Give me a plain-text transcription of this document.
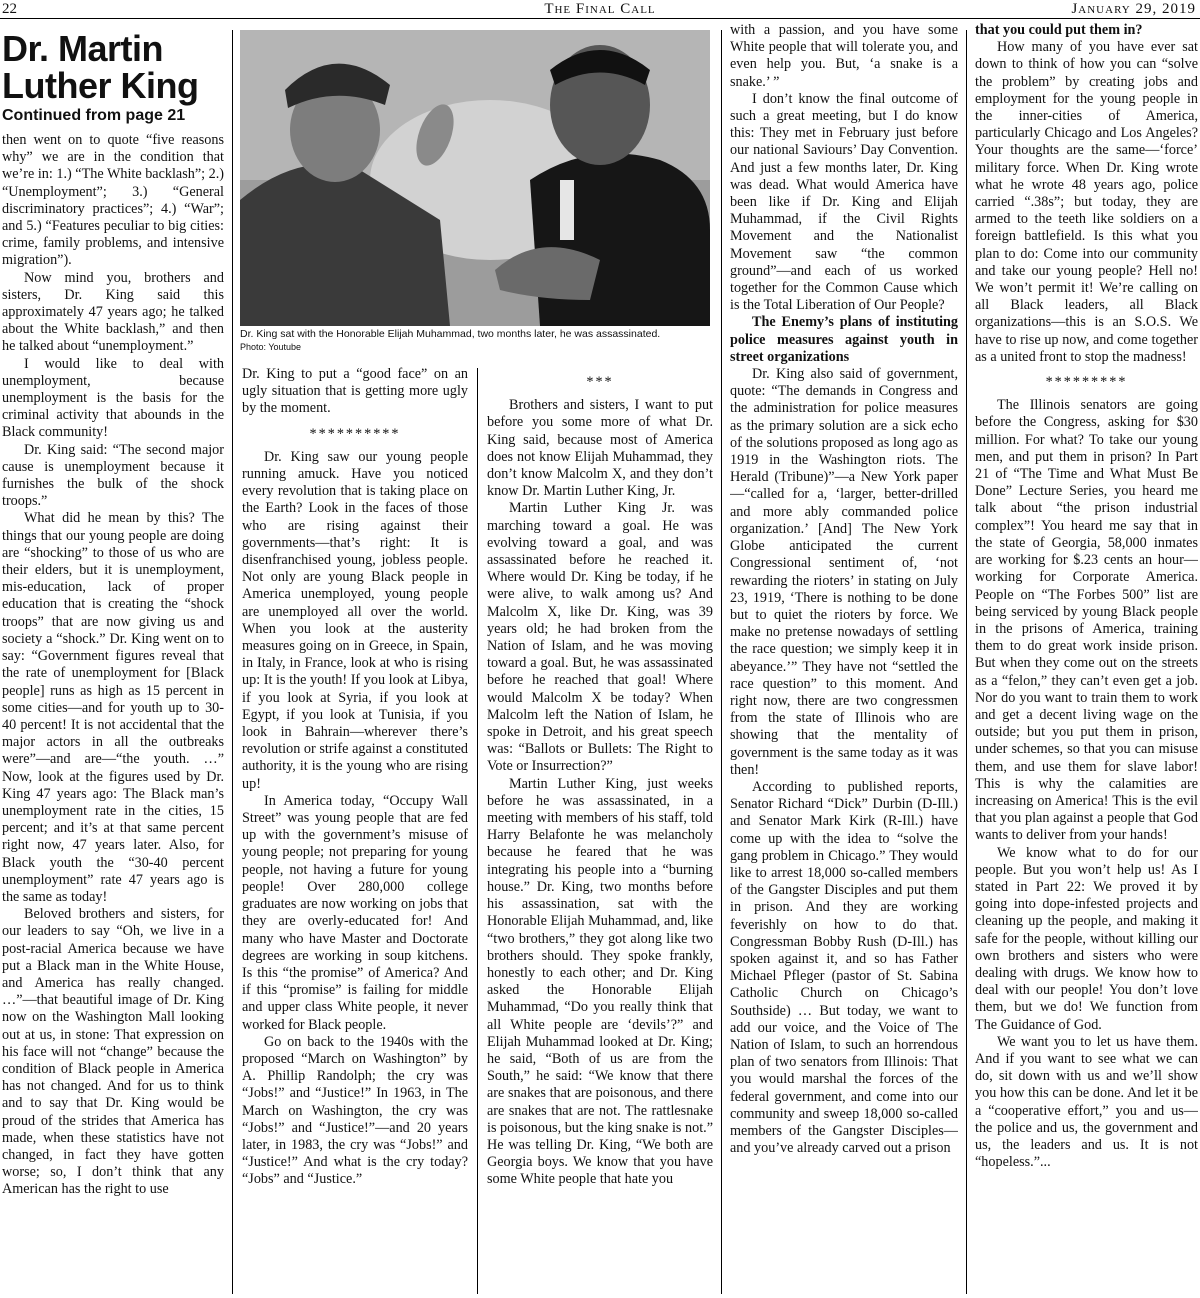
22	The Final Call	January 29, 2019
Dr. Martin
Luther King
Continued from page 21

then went on to quote “five reasons why” we are in the condition that we’re in: 1.) “The White backlash”; 2.) “Unemployment”; 3.) “General discriminatory practices”; 4.) “War”; and 5.) “Features peculiar to big cities: crime, family problems, and intensive migration”).

Now mind you, brothers and sisters, Dr. King said this approximately 47 years ago; he talked about the White backlash,” and then he talked about “unemployment.”

I would like to deal with unemployment, because unemployment is the basis for the criminal activity that abounds in the Black community!

Dr. King said: “The second major cause is unemployment because it furnishes the bulk of the shock troops.”

What did he mean by this? The things that our young people are doing are “shocking” to those of us who are their elders, but it is unemployment, mis-education, lack of proper education that is creating the “shock troops” that are now giving us and society a “shock.” Dr. King went on to say: “Government figures reveal that the rate of unemployment for [Black people] runs as high as 15 percent in some cities—and for youth up to 30-40 percent! It is not accidental that the major actors in all the outbreaks were”—and are—“the youth. …” Now, look at the figures used by Dr. King 47 years ago: The Black man’s unemployment rate in the cities, 15 percent; and it’s at that same percent right now, 47 years later. Also, for Black youth the “30-40 percent unemployment” rate 47 years ago is the same as today!

Beloved brothers and sisters, for our leaders to say “Oh, we live in a post-racial America because we have put a Black man in the White House, and America has really changed. …”—that beautiful image of Dr. King now on the Washington Mall looking out at us, in stone: That expression on his face will not “change” because the condition of Black people in America has not changed. And for us to think and to say that Dr. King would be proud of the strides that America has made, when these statistics have not changed, in fact they have gotten worse; so, I don’t think that any American has the right to use

Dr. King sat with the Honorable Elijah Muhammad, two months later, he was assassinated.
Photo: Youtube

Dr. King to put a “good face” on an ugly situation that is getting more ugly by the moment.

**********

Dr. King saw our young people running amuck. Have you noticed every revolution that is taking place on the Earth? Look in the faces of those who are rising against their governments—that’s right: It is disenfranchised young, jobless people. Not only are young Black people in America unemployed, young people are unemployed all over the world. When you look at the austerity measures going on in Greece, in Spain, in Italy, in France, look at who is rising up: It is the youth! If you look at Libya, if you look at Syria, if you look at Egypt, if you look at Tunisia, if you look in Bahrain—wherever there’s revolution or strife against a constituted authority, it is the young who are rising up!

In America today, “Occupy Wall Street” was young people that are fed up with the government’s misuse of young people; not preparing for young people, not having a future for young people! Over 280,000 college graduates are now working on jobs that they are overly-educated for! And many who have Master and Doctorate degrees are working in soup kitchens. Is this “the promise” of America? And if this “promise” is failing for middle and upper class White people, it never worked for Black people.

Go on back to the 1940s with the proposed “March on Washington” by A. Phillip Randolph; the cry was “Jobs!” and “Justice!” In 1963, in The March on Washington, the cry was “Jobs!” and “Justice!”—and 20 years later, in 1983, the cry was “Jobs!” and “Justice!” And what is the cry today? “Jobs” and “Justice.”

***

Brothers and sisters, I want to put before you some more of what Dr. King said, because most of America does not know Elijah Muhammad, they don’t know Malcolm X, and they don’t know Dr. Martin Luther King, Jr.

Martin Luther King Jr. was marching toward a goal. He was evolving toward a goal, and was assassinated before he reached it. Where would Dr. King be today, if he were alive, to walk among us? And Malcolm X, like Dr. King, was 39 years old; he had broken from the Nation of Islam, and he was moving toward a goal. But, he was assassinated before he reached that goal! Where would Malcolm X be today? When Malcolm left the Nation of Islam, he spoke in Detroit, and his great speech was: “Ballots or Bullets: The Right to Vote or Insurrection?”

Martin Luther King, just weeks before he was assassinated, in a meeting with members of his staff, told Harry Belafonte he was melancholy because he feared that he was integrating his people into a “burning house.” Dr. King, two months before his assassination, sat with the Honorable Elijah Muhammad, and, like “two brothers,” they got along like two brothers should. They spoke frankly, honestly to each other; and Dr. King asked the Honorable Elijah Muhammad, “Do you really think that all White people are ‘devils’?” and Elijah Muhammad looked at Dr. King; he said, “Both of us are from the South,” he said: “We know that there are snakes that are poisonous, and there are snakes that are not. The rattlesnake is poisonous, but the king snake is not.” He was telling Dr. King, “We both are Georgia boys. We know that you have some White people that hate you

with a passion, and you have some White people that will tolerate you, and even help you. But, ‘a snake is a snake.’ ”

I don’t know the final outcome of such a great meeting, but I do know this: They met in February just before our national Saviours’ Day Convention. And just a few months later, Dr. King was dead. What would America have been like if Dr. King and Elijah Muhammad, if the Civil Rights Movement and the Nationalist Movement saw “the common ground”—and each of us worked together for the Common Cause which is the Total Liberation of Our People?

The Enemy’s plans of instituting police measures against youth in street organizations

Dr. King also said of government, quote: “The demands in Congress and the administration for police measures as the primary solution are a sick echo of the solutions proposed as long ago as 1919 in the Washington riots. The Herald (Tribune)”—a New York paper—“called for a, ‘larger, better-drilled and more ably commanded police organization.’ [And] The New York Globe anticipated the current Congressional sentiment of, ‘not rewarding the rioters’ in stating on July 23, 1919, ‘There is nothing to be done but to quiet the rioters by force. We make no pretense nowadays of settling the race question; we simply keep it in abeyance.’” They have not “settled the race question” to this moment. And right now, there are two congressmen from the state of Illinois who are showing that the mentality of government is the same today as it was then!

According to published reports, Senator Richard “Dick” Durbin (D-Ill.) and Senator Mark Kirk (R-Ill.) have come up with the idea to “solve the gang problem in Chicago.” They would like to arrest 18,000 so-called members of the Gangster Disciples and put them in prison. And they are working feverishly on how to do that. Congressman Bobby Rush (D-Ill.) has spoken against it, and so has Father Michael Pfleger (pastor of St. Sabina Catholic Church on Chicago’s Southside) … But today, we want to add our voice, and the Voice of The Nation of Islam, to such an horrendous plan of two senators from Illinois: That you would marshal the forces of the federal government, and come into our community and sweep 18,000 so-called members of the Gangster Disciples—and you’ve already carved out a prison

that you could put them in?

How many of you have ever sat down to think of how you can “solve the problem” by creating jobs and employment for the young people in the inner-cities of America, particularly Chicago and Los Angeles? Your thoughts are the same—‘force’ military force. When Dr. King wrote what he wrote 48 years ago, police carried “.38s”; but today, they are armed to the teeth like soldiers on a foreign battlefield. Is this what you plan to do: Come into our community and take our young people? Hell no! We won’t permit it! We’re calling on all Black leaders, all Black organizations—this is an S.O.S. We have to rise up now, and come together as a united front to stop the madness!

*********

The Illinois senators are going before the Congress, asking for $30 million. For what? To take our young men, and put them in prison? In Part 21 of “The Time and What Must Be Done” Lecture Series, you heard me talk about “the prison industrial complex”! You heard me say that in the state of Georgia, 58,000 inmates are working for $.23 cents an hour—working for Corporate America. People on “The Forbes 500” list are being serviced by young Black people in the prisons of America, training them to do great work inside prison. But when they come out on the streets as a “felon,” they can’t even get a job. Nor do you want to train them to work and get a decent living wage on the outside; but you put them in prison, under schemes, so that you can misuse them, and use them for slave labor! This is why the calamities are increasing on America! This is the evil that you plan against a people that God wants to deliver from your hands!

We know what to do for our people. But you won’t help us! As I stated in Part 22: We proved it by going into dope-infested projects and cleaning up the people, and making it safe for the people, without killing our own brothers and sisters who were dealing with drugs. We know how to deal with our people! You don’t love them, but we do! We function from The Guidance of God.

We want you to let us have them. And if you want to see what we can do, sit down with us and we’ll show you how this can be done. And let it be a “cooperative effort,” you and us—the police and us, the government and us, the leaders and us. It is not “hopeless.”...
